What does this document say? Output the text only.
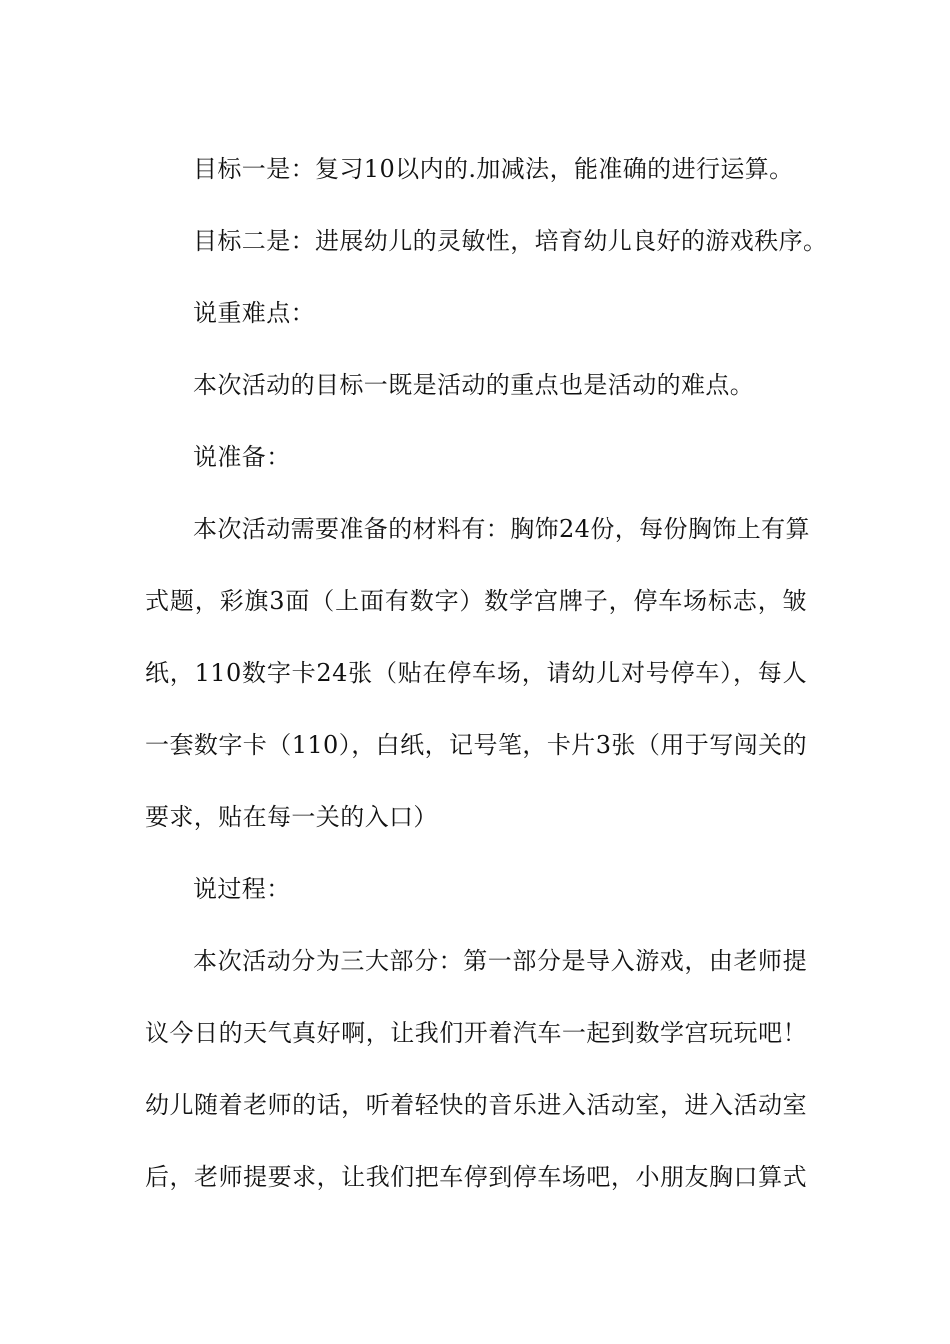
目标一是：复习10以内的.加减法，能准确的进行运算。

目标二是：进展幼儿的灵敏性，培育幼儿良好的游戏秩序。

说重难点：

本次活动的目标一既是活动的重点也是活动的难点。

说准备：

本次活动需要准备的材料有：胸饰24份，每份胸饰上有算
式题，彩旗3面（上面有数字）数学宫牌子，停车场标志，皱
纸，110数字卡24张（贴在停车场，请幼儿对号停车），每人
一套数字卡（110），白纸，记号笔，卡片3张（用于写闯关的
要求，贴在每一关的入口）

说过程：

本次活动分为三大部分：第一部分是导入游戏，由老师提
议今日的天气真好啊，让我们开着汽车一起到数学宫玩玩吧！
幼儿随着老师的话，听着轻快的音乐进入活动室，进入活动室
后，老师提要求，让我们把车停到停车场吧，小朋友胸口算式
